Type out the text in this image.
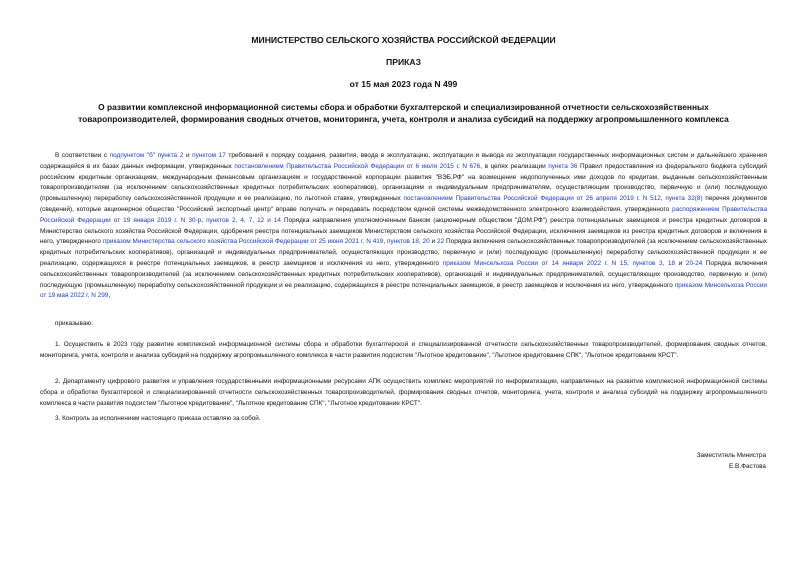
МИНИСТЕРСТВО СЕЛЬСКОГО ХОЗЯЙСТВА РОССИЙСКОЙ ФЕДЕРАЦИИ
ПРИКАЗ
от 15 мая 2023 года N 499
О развитии комплексной информационной системы сбора и обработки бухгалтерской и специализированной отчетности сельскохозяйственных
товаропроизводителей, формирования сводных отчетов, мониторинга, учета, контроля и анализа субсидий на поддержку агропромышленного комплекса

В соответствии с подпунктом "б" пункта 2 и пунктом 17 требований к порядку создания, развития, ввода в эксплуатацию, эксплуатации и вывода из эксплуатации государственных информационных систем и дальнейшего хранения содержащейся в их базах данных информации, утвержденных постановлением Правительства Российской Федерации от 6 июля 2015 г. N 676, в целях реализации пункта 36 Правил предоставления из федерального бюджета субсидий российским кредитным организациям, международным финансовым организациям и государственной корпорации развития "ВЭБ.РФ" на возмещение недополученных ими доходов по кредитам, выданным сельскохозяйственным товаропроизводителям (за исключением сельскохозяйственных кредитных потребительских кооперативов), организациям и индивидуальным предпринимателям, осуществляющим производство, первичную и (или) последующую (промышленную) переработку сельскохозяйственной продукции и ее реализацию, по льготной ставке, утвержденных постановлением Правительства Российской Федерации от 26 апреля 2019 г. N 512, пункта 32(8) перечня документов (сведений), которые акционерное общество "Российский экспортный центр" вправе получать и передавать посредством единой системы межведомственного электронного взаимодействия, утвержденного распоряжением Правительства Российской Федерации от 19 января 2019 г. N 30-р, пунктов 2, 4, 7, 12 и 14 Порядка направления уполномоченным банком (акционерным обществом "ДОМ.РФ") реестра потенциальных заемщиков и реестра кредитных договоров в Министерство сельского хозяйства Российской Федерации, одобрения реестра потенциальных заемщиков Министерством сельского хозяйства Российской Федерации, исключения заемщиков из реестра кредитных договоров и включения в него, утвержденного приказом Министерства сельского хозяйства Российской Федерации от 25 июня 2021 г. N 419, пунктов 18, 20 и 22 Порядка включения сельскохозяйственных товаропроизводителей (за исключением сельскохозяйственных кредитных потребительских кооперативов), организаций и индивидуальных предпринимателей, осуществляющих производство, первичную и (или) последующую (промышленную) переработку сельскохозяйственной продукции и ее реализацию, содержащихся в реестре потенциальных заемщиков, в реестр заемщиков и исключения из него, утвержденного приказом Минсельхоза России от 14 января 2022 г. N 15, пунктов 3, 18 и 20-24 Порядка включения сельскохозяйственных товаропроизводителей (за исключением сельскохозяйственных кредитных потребительских кооперативов), организаций и индивидуальных предпринимателей, осуществляющих производство, первичную и (или) последующую (промышленную) переработку сельскохозяйственной продукции и ее реализацию, содержащихся в реестре потенциальных заемщиков, в реестр заемщиков и исключения из него, утвержденного приказом Минсельхоза России от 19 мая 2022 г. N 299,

приказываю:

1. Осуществить в 2023 году развитие комплексной информационной системы сбора и обработки бухгалтерской и специализированной отчетности сельскохозяйственных товаропроизводителей, формирования сводных отчетов, мониторинга, учета, контроля и анализа субсидий на поддержку агропромышленного комплекса в части развития подсистем "Льготное кредитование", "Льготное кредитование СПК", "Льготное кредитование КРСТ".

2. Департаменту цифрового развития и управления государственными информационными ресурсами АПК осуществить комплекс мероприятий по информатизации, направленных на развитие комплексной информационной системы сбора и обработки бухгалтерской и специализированной отчетности сельскохозяйственных товаропроизводителей, формирования сводных отчетов, мониторинга, учета, контроля и анализа субсидий на поддержку агропромышленного комплекса в части развития подсистем "Льготное кредитование", "Льготное кредитование СПК", "Льготное кредитование КРСТ".

3. Контроль за исполнением настоящего приказа оставляю за собой.

Заместитель Министра
Е.В.Фастова
